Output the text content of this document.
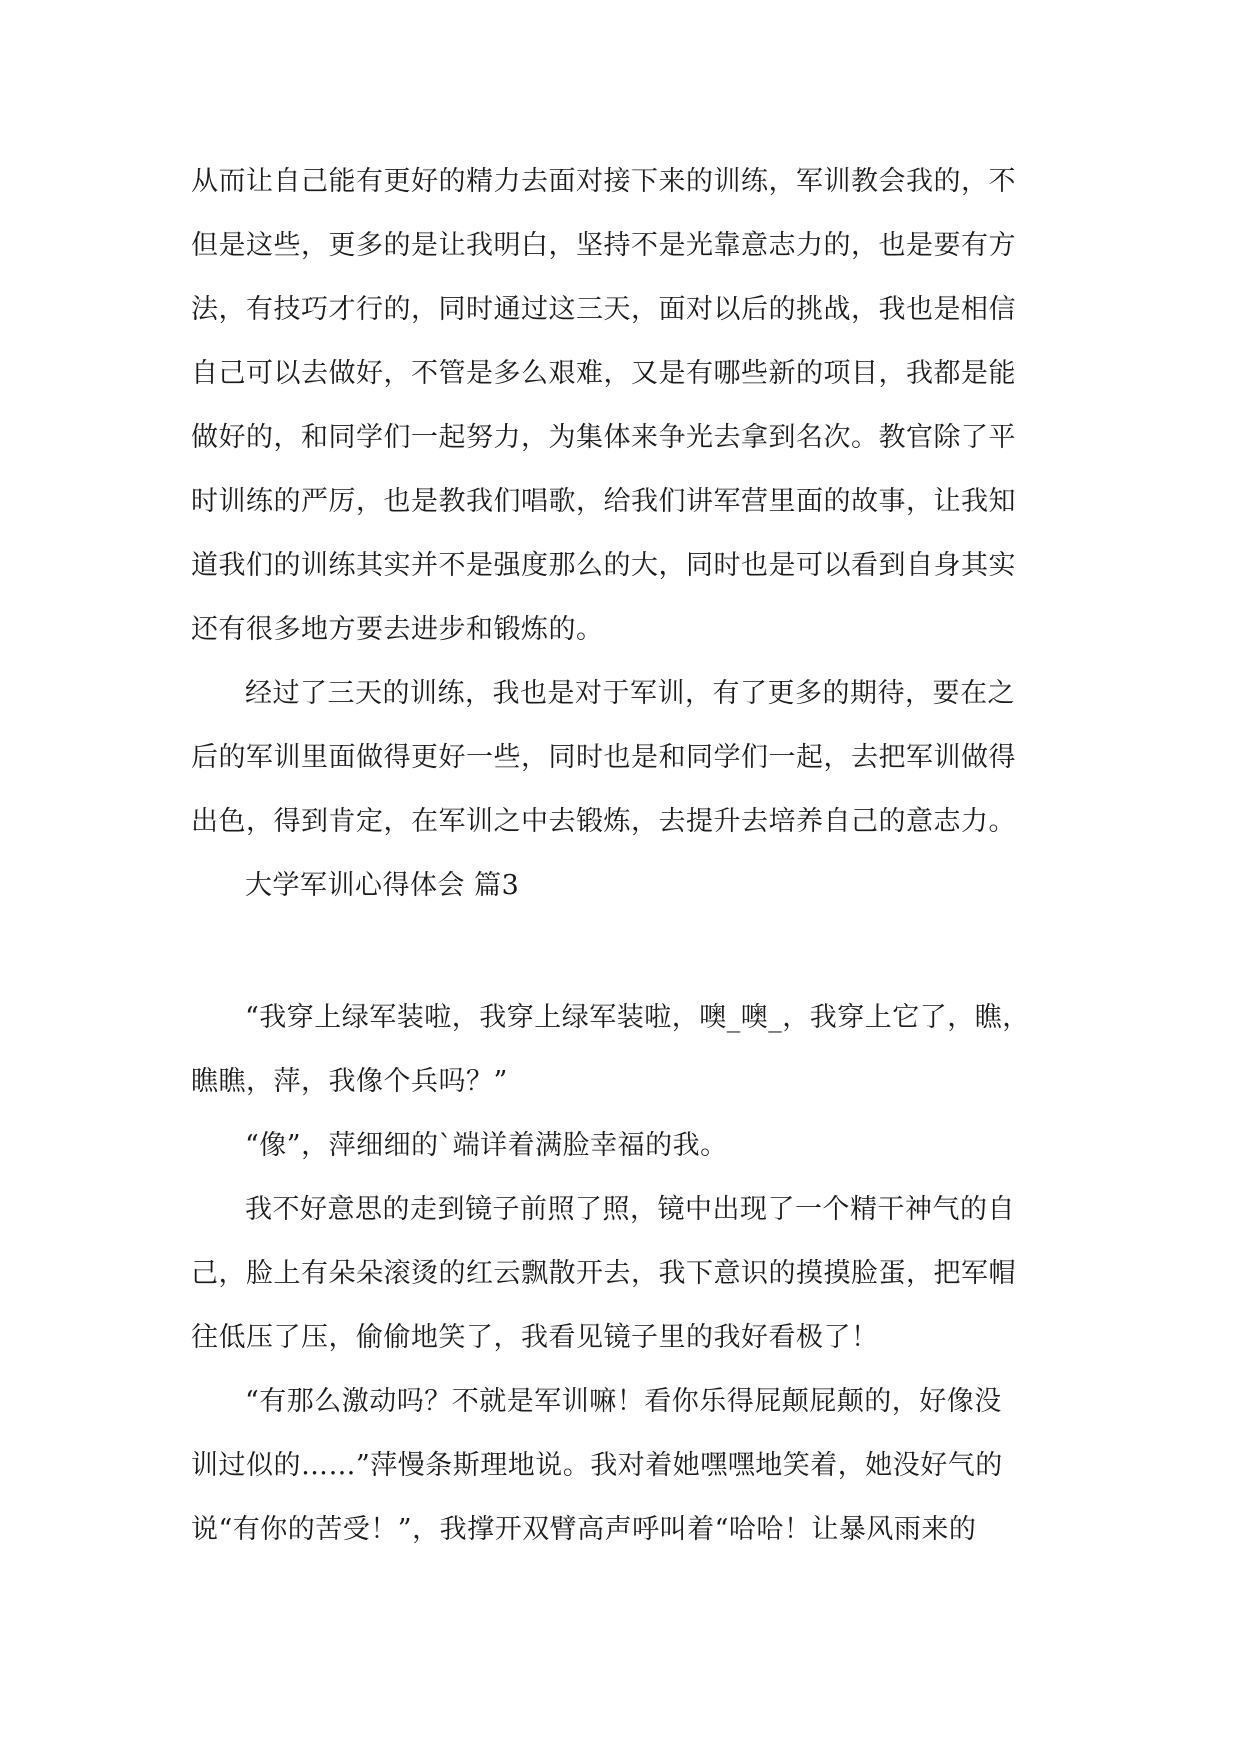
从而让自己能有更好的精力去面对接下来的训练，军训教会我的，不
但是这些，更多的是让我明白，坚持不是光靠意志力的，也是要有方
法，有技巧才行的，同时通过这三天，面对以后的挑战，我也是相信
自己可以去做好，不管是多么艰难，又是有哪些新的项目，我都是能
做好的，和同学们一起努力，为集体来争光去拿到名次。教官除了平
时训练的严厉，也是教我们唱歌，给我们讲军营里面的故事，让我知
道我们的训练其实并不是强度那么的大，同时也是可以看到自身其实
还有很多地方要去进步和锻炼的。
经过了三天的训练，我也是对于军训，有了更多的期待，要在之
后的军训里面做得更好一些，同时也是和同学们一起，去把军训做得
出色，得到肯定，在军训之中去锻炼，去提升去培养自己的意志力。
大学军训心得体会 篇3
“我穿上绿军装啦，我穿上绿军装啦，噢_噢_，我穿上它了，瞧，
瞧瞧，萍，我像个兵吗？”
“像”，萍细细的`端详着满脸幸福的我。
我不好意思的走到镜子前照了照，镜中出现了一个精干神气的自
己，脸上有朵朵滚烫的红云飘散开去，我下意识的摸摸脸蛋，把军帽
往低压了压，偷偷地笑了，我看见镜子里的我好看极了！
“有那么激动吗？不就是军训嘛！看你乐得屁颠屁颠的，好像没
训过似的……”萍慢条斯理地说。我对着她嘿嘿地笑着，她没好气的
说“有你的苦受！”，我撑开双臂高声呼叫着“哈哈！让暴风雨来的
